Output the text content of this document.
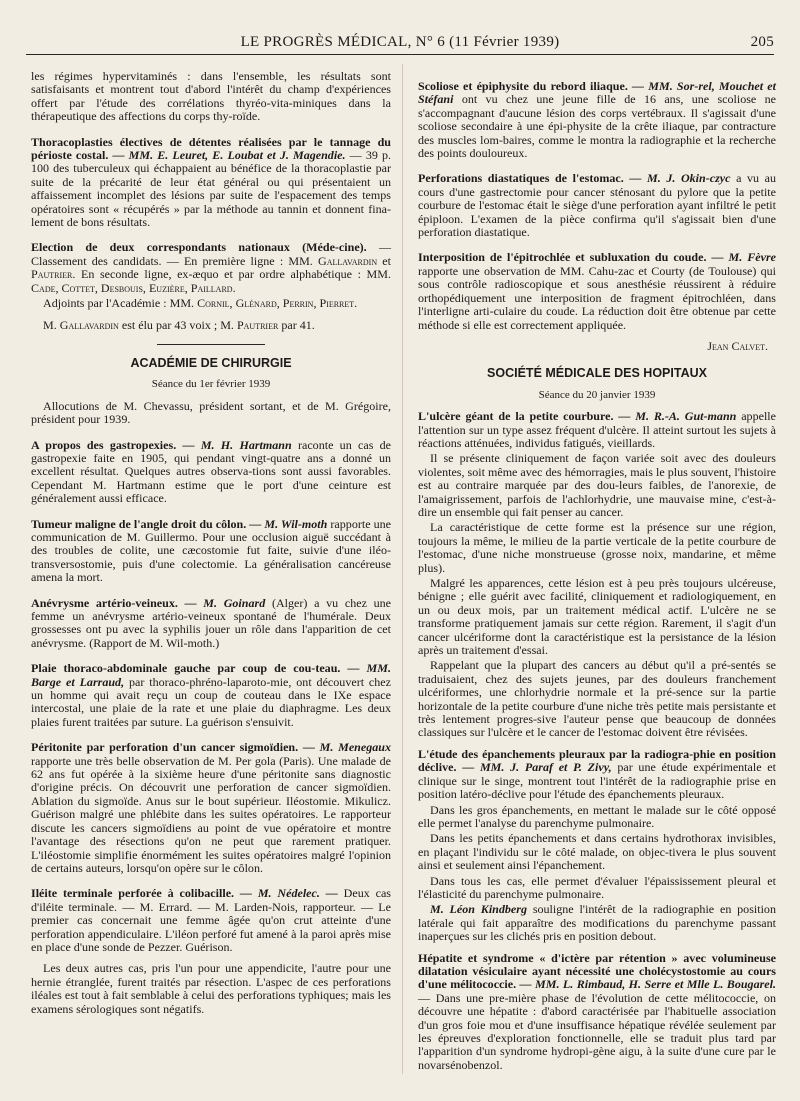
LE PROGRÈS MÉDICAL, N° 6 (11 Février 1939)	205

les régimes hypervitaminés : dans l'ensemble, les résultats sont satisfaisants et montrent tout d'abord l'intérêt du champ d'expériences offert par l'étude des corrélations thyréo-vita-miniques dans la thérapeutique des affections du corps thy-roïde.

Thoracoplasties électives de détentes réalisées par le tannage du périoste costal. — MM. E. Leuret, E. Loubat et J. Magendie. — 39 p. 100 des tuberculeux qui échappaient au bénéfice de la thoracoplastie par suite de la précarité de leur état général ou qui présentaient un affaissement incomplet des lésions par suite de l'espacement des temps opératoires sont « récupérés » par la méthode au tannin et donnent fina-lement de bons résultats.

Election de deux correspondants nationaux (Méde-cine). — Classement des candidats. — En première ligne : MM. Gallavardin et Pautrier. En seconde ligne, ex-æquo et par ordre alphabétique : MM. Cade, Cottet, Desbouis, Euzière, Paillard.

Adjoints par l'Académie : MM. Cornil, Glénard, Perrin, Pierret.

M. Gallavardin est élu par 43 voix ; M. Pautrier par 41.

ACADÉMIE DE CHIRURGIE

Séance du 1er février 1939

Allocutions de M. Chevassu, président sortant, et de M. Grégoire, président pour 1939.

A propos des gastropexies. — M. H. Hartmann raconte un cas de gastropexie faite en 1905, qui pendant vingt-quatre ans a donné un excellent résultat. Quelques autres observa-tions sont aussi favorables. Cependant M. Hartmann estime que le port d'une ceinture est généralement aussi efficace.

Tumeur maligne de l'angle droit du côlon. — M. Wil-moth rapporte une communication de M. Guillermo. Pour une occlusion aiguë succédant à des troubles de colite, une cæcostomie fut faite, suivie d'une iléo-transversostomie, puis d'une colectomie. La généralisation cancéreuse amena la mort.

Anévrysme artério-veineux. — M. Goinard (Alger) a vu chez une femme un anévrysme artério-veineux spontané de l'humérale. Deux grossesses ont pu avec la syphilis jouer un rôle dans l'apparition de cet anévrysme. (Rapport de M. Wil-moth.)

Plaie thoraco-abdominale gauche par coup de cou-teau. — MM. Barge et Larraud, par thoraco-phréno-laparoto-mie, ont découvert chez un homme qui avait reçu un coup de couteau dans le IXe espace intercostal, une plaie de la rate et une plaie du diaphragme. Les deux plaies furent traitées par suture. La guérison s'ensuivit.

Péritonite par perforation d'un cancer sigmoïdien. — M. Menegaux rapporte une très belle observation de M. Per gola (Paris). Une malade de 62 ans fut opérée à la sixième heure d'une péritonite sans diagnostic d'origine précis. On découvrit une perforation de cancer sigmoïdien. Ablation du sigmoïde. Anus sur le bout supérieur. Iléostomie. Mikulicz. Guérison malgré une phlébite dans les suites opératoires. Le rapporteur discute les cancers sigmoïdiens au point de vue opératoire et montre l'avantage des résections qu'on ne peut que rarement pratiquer. L'iléostomie simplifie énormément les suites opératoires malgré l'opinion de certains auteurs, lorsqu'on opère sur le côlon.

Iléite terminale perforée à colibacille. — M. Nédelec. — Deux cas d'iléite terminale. — M. Errard. — M. Larden-Nois, rapporteur. — Le premier cas concernait une femme âgée qu'on crut atteinte d'une perforation appendiculaire. L'iléon perforé fut amené à la paroi après mise en place d'une sonde de Pezzer. Guérison.

Les deux autres cas, pris l'un pour une appendicite, l'autre pour une hernie étranglée, furent traités par résection. L'aspec de ces perforations iléales est tout à fait semblable à celui des perforations typhiques; mais les examens sérologiques sont négatifs.

Scoliose et épiphysite du rebord iliaque. — MM. Sor-rel, Mouchet et Stéfani ont vu chez une jeune fille de 16 ans, une scoliose ne s'accompagnant d'aucune lésion des corps vertébraux. Il s'agissait d'une scoliose secondaire à une épi-physite de la crête iliaque, par contracture des muscles lom-baires, comme le montra la radiographie et la recherche des points douloureux.

Perforations diastatiques de l'estomac. — M. J. Okin-czyc a vu au cours d'une gastrectomie pour cancer sténosant du pylore que la petite courbure de l'estomac était le siège d'une perforation ayant infiltré le petit épiploon. L'examen de la pièce confirma qu'il s'agissait bien d'une perforation diastatique.

Interposition de l'épitrochlée et subluxation du coude. — M. Fèvre rapporte une observation de MM. Cahu-zac et Courty (de Toulouse) qui sous contrôle radioscopique et sous anesthésie réussirent à réduire orthopédiquement une interposition de fragment épitrochléen, dans l'interligne arti-culaire du coude. La réduction doit être obtenue par cette méthode si elle est correctement appliquée.

Jean Calvet.

SOCIÉTÉ MÉDICALE DES HOPITAUX

Séance du 20 janvier 1939

L'ulcère géant de la petite courbure. — M. R.-A. Gut-mann appelle l'attention sur un type assez fréquent d'ulcère. Il atteint surtout les sujets à réactions atténuées, individus fatigués, vieillards.

Il se présente cliniquement de façon variée soit avec des douleurs violentes, soit même avec des hémorragies, mais le plus souvent, l'histoire est au contraire marquée par des dou-leurs faibles, de l'anorexie, de l'amaigrissement, parfois de l'achlorhydrie, une mauvaise mine, c'est-à-dire un ensemble qui fait penser au cancer.

La caractéristique de cette forme est la présence sur une région, toujours la même, le milieu de la partie verticale de la petite courbure de l'estomac, d'une niche monstrueuse (grosse noix, mandarine, et même plus).

Malgré les apparences, cette lésion est à peu près toujours ulcéreuse, bénigne ; elle guérit avec facilité, cliniquement et radiologiquement, en un ou deux mois, par un traitement médical actif. L'ulcère ne se transforme pratiquement jamais sur cette région. Rarement, il s'agit d'un cancer ulcériforme dont la caractéristique est la persistance de la lésion après un traitement d'essai.

Rappelant que la plupart des cancers au début qu'il a pré-sentés se traduisaient, chez des sujets jeunes, par des douleurs franchement ulcériformes, une chlorhydrie normale et la pré-sence sur la partie horizontale de la petite courbure d'une niche très petite mais persistante et très lentement progres-sive l'auteur pense que beaucoup de données classiques sur l'ulcère et le cancer de l'estomac doivent être révisées.

L'étude des épanchements pleuraux par la radiogra-phie en position déclive. — MM. J. Paraf et P. Zivy, par une étude expérimentale et clinique sur le singe, montrent tout l'intérêt de la radiographie prise en position latéro-déclive pour l'étude des épanchements pleuraux.

Dans les gros épanchements, en mettant le malade sur le côté opposé elle permet l'analyse du parenchyme pulmonaire.

Dans les petits épanchements et dans certains hydrothorax invisibles, en plaçant l'individu sur le côté malade, on objec-tivera le plus souvent ainsi et seulement ainsi l'épanchement.

Dans tous les cas, elle permet d'évaluer l'épaississement pleural et l'élasticité du parenchyme pulmonaire.

M. Léon Kindberg souligne l'intérêt de la radiographie en position latérale qui fait apparaître des modifications du parenchyme passant inaperçues sur les clichés pris en position debout.

Hépatite et syndrome « d'ictère par rétention » avec volumineuse dilatation vésiculaire ayant nécessité une cholécystostomie au cours d'une mélitococcie. — MM. L. Rimbaud, H. Serre et Mlle L. Bougarel. — Dans une pre-mière phase de l'évolution de cette mélitococcie, on découvre une hépatite : d'abord caractérisée par l'habituelle association d'un gros foie mou et d'une insuffisance hépatique révélée seulement par les épreuves d'exploration fonctionnelle, elle se traduit plus tard par l'apparition d'un syndrome hydropi-gène aigu, à la suite d'une cure par le novarsénobenzol.
